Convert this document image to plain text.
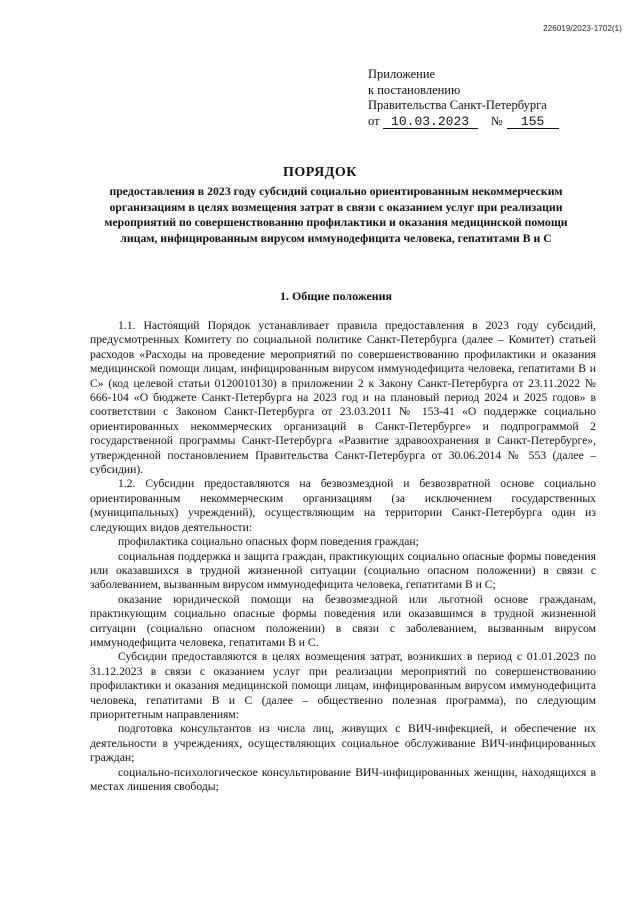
226019/2023-1702(1)
Приложение
к постановлению
Правительства Санкт-Петербурга
от 10.03.2023 № 155
ПОРЯДОК
предоставления в 2023 году субсидий социально ориентированным некоммерческим организациям в целях возмещения затрат в связи с оказанием услуг при реализации мероприятий по совершенствованию профилактики и оказания медицинской помощи лицам, инфицированным вирусом иммунодефицита человека, гепатитами В и С
1. Общие положения

1.1. Настоящий Порядок устанавливает правила предоставления в 2023 году субсидий, предусмотренных Комитету по социальной политике Санкт-Петербурга (далее – Комитет) статьей расходов «Расходы на проведение мероприятий по совершенствованию профилактики и оказания медицинской помощи лицам, инфицированным вирусом иммунодефицита человека, гепатитами В и С» (код целевой статьи 0120010130) в приложении 2 к Закону Санкт-Петербурга от 23.11.2022 № 666-104 «О бюджете Санкт-Петербурга на 2023 год и на плановый период 2024 и 2025 годов» в соответствии с Законом Санкт-Петербурга от 23.03.2011 № 153-41 «О поддержке социально ориентированных некоммерческих организаций в Санкт-Петербурге» и подпрограммой 2 государственной программы Санкт-Петербурга «Развитие здравоохранения в Санкт-Петербурге», утвержденной постановлением Правительства Санкт-Петербурга от 30.06.2014 № 553 (далее – субсидии).

1.2. Субсидии предоставляются на безвозмездной и безвозвратной основе социально ориентированным некоммерческим организациям (за исключением государственных (муниципальных) учреждений), осуществляющим на территории Санкт-Петербурга один из следующих видов деятельности:

профилактика социально опасных форм поведения граждан;

социальная поддержка и защита граждан, практикующих социально опасные формы поведения или оказавшихся в трудной жизненной ситуации (социально опасном положении) в связи с заболеванием, вызванным вирусом иммунодефицита человека, гепатитами В и С;

оказание юридической помощи на безвозмездной или льготной основе гражданам, практикующим социально опасные формы поведения или оказавшимся в трудной жизненной ситуации (социально опасном положении) в связи с заболеванием, вызванным вирусом иммунодефицита человека, гепатитами В и С.

Субсидии предоставляются в целях возмещения затрат, возникших в период с 01.01.2023 по 31.12.2023 в связи с оказанием услуг при реализации мероприятий по совершенствованию профилактики и оказания медицинской помощи лицам, инфицированным вирусом иммунодефицита человека, гепатитами В и С (далее – общественно полезная программа), по следующим приоритетным направлениям:

подготовка консультантов из числа лиц, живущих с ВИЧ-инфекцией, и обеспечение их деятельности в учреждениях, осуществляющих социальное обслуживание ВИЧ-инфицированных граждан;

социально-психологическое консультирование ВИЧ-инфицированных женщин, находящихся в местах лишения свободы;
